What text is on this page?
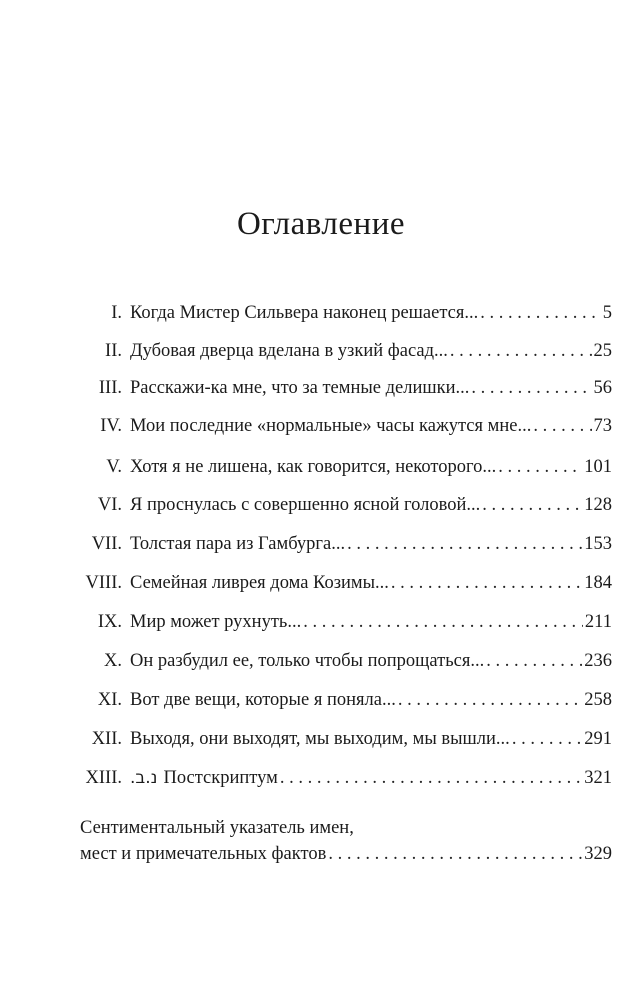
Оглавление
I. Когда Мистер Сильвера наконец решается... . . .	5
II. Дубовая дверца вделана в узкий фасад... . . .	25
III. Расскажи-ка мне, что за темные делишки... . . .	56
IV. Мои последние «нормальные» часы кажутся мне... . . .	73
V. Хотя я не лишена, как говорится, некоторого... . . .	101
VI. Я проснулась с совершенно ясной головой... . . .	128
VII. Толстая пара из Гамбурга... . . .	153
VIII. Семейная ливрея дома Козимы... . . .	184
IX. Мир может рухнуть... . . .	211
X. Он разбудил ее, только чтобы попрощаться... . . .	236
XI. Вот две вещи, которые я поняла... . . .	258
XII. Выходя, они выходят, мы выходим, мы вышли... . . .	291
XIII. נ.ב. Постскриптум . . .	321
Сентиментальный указатель имен,
мест и примечательных фактов . . .	329
